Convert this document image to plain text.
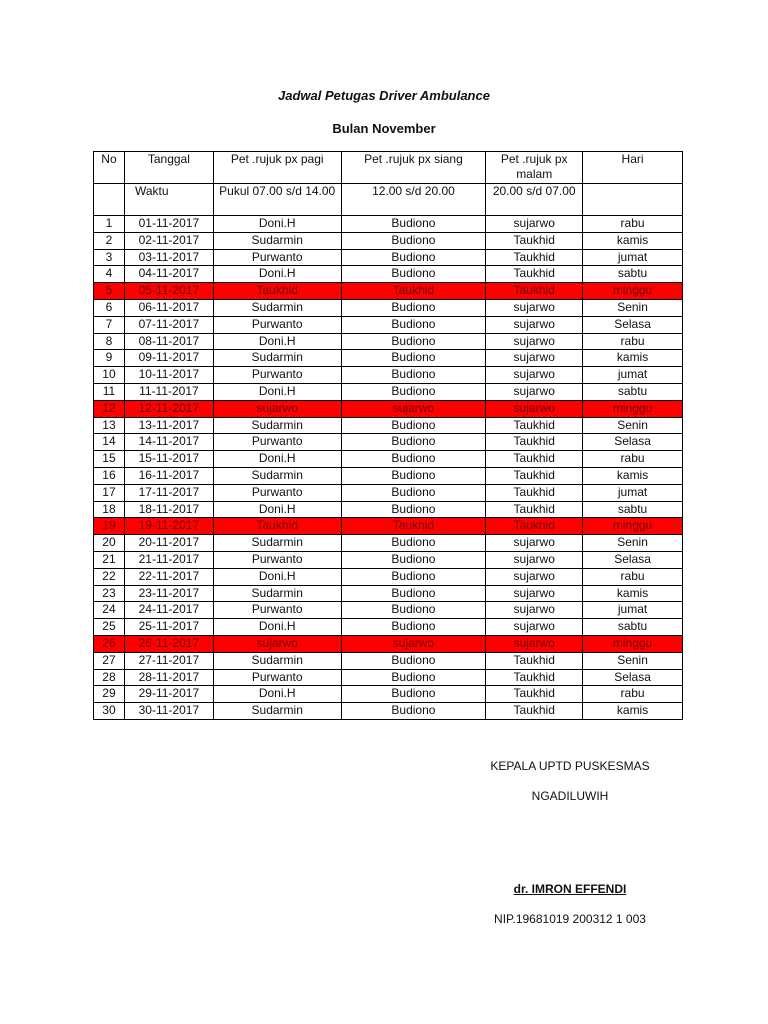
Jadwal Petugas Driver Ambulance
Bulan November
No	Tanggal	Pet .rujuk px pagi	Pet .rujuk px siang	Pet .rujuk px malam	Hari
	Waktu	Pukul 07.00 s/d 14.00	12.00 s/d 20.00	20.00 s/d 07.00	
1	01-11-2017	Doni.H	Budiono	sujarwo	rabu
2	02-11-2017	Sudarmin	Budiono	Taukhid	kamis
3	03-11-2017	Purwanto	Budiono	Taukhid	jumat
4	04-11-2017	Doni.H	Budiono	Taukhid	sabtu
5	05-11-2017	Taukhid	Taukhid	Taukhid	minggu
6	06-11-2017	Sudarmin	Budiono	sujarwo	Senin
7	07-11-2017	Purwanto	Budiono	sujarwo	Selasa
8	08-11-2017	Doni.H	Budiono	sujarwo	rabu
9	09-11-2017	Sudarmin	Budiono	sujarwo	kamis
10	10-11-2017	Purwanto	Budiono	sujarwo	jumat
11	11-11-2017	Doni.H	Budiono	sujarwo	sabtu
12	12-11-2017	sujarwo	sujarwo	sujarwo	minggu
13	13-11-2017	Sudarmin	Budiono	Taukhid	Senin
14	14-11-2017	Purwanto	Budiono	Taukhid	Selasa
15	15-11-2017	Doni.H	Budiono	Taukhid	rabu
16	16-11-2017	Sudarmin	Budiono	Taukhid	kamis
17	17-11-2017	Purwanto	Budiono	Taukhid	jumat
18	18-11-2017	Doni.H	Budiono	Taukhid	sabtu
19	19-11-2017	Taukhid	Taukhid	Taukhid	minggu
20	20-11-2017	Sudarmin	Budiono	sujarwo	Senin
21	21-11-2017	Purwanto	Budiono	sujarwo	Selasa
22	22-11-2017	Doni.H	Budiono	sujarwo	rabu
23	23-11-2017	Sudarmin	Budiono	sujarwo	kamis
24	24-11-2017	Purwanto	Budiono	sujarwo	jumat
25	25-11-2017	Doni.H	Budiono	sujarwo	sabtu
26	26-11-2017	sujarwo	sujarwo	sujarwo	minggu
27	27-11-2017	Sudarmin	Budiono	Taukhid	Senin
28	28-11-2017	Purwanto	Budiono	Taukhid	Selasa
29	29-11-2017	Doni.H	Budiono	Taukhid	rabu
30	30-11-2017	Sudarmin	Budiono	Taukhid	kamis
KEPALA UPTD PUSKESMAS
NGADILUWIH
dr. IMRON EFFENDI
NIP.19681019 200312 1 003
